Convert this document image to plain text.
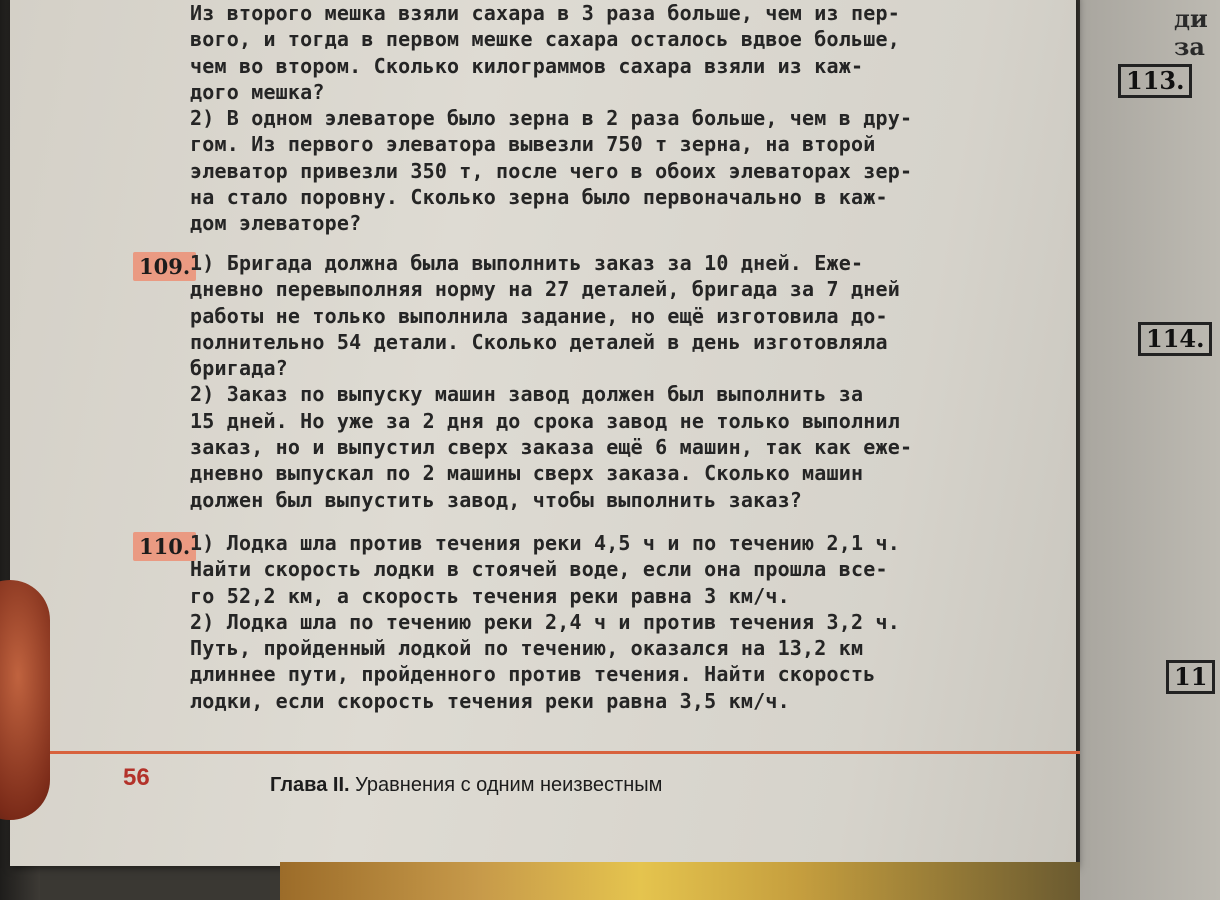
ди
за
113.
114.
11
Из второго мешка взяли сахара в 3 раза больше, чем из пер-
вого, и тогда в первом мешке сахара осталось вдвое больше,
чем во втором. Сколько килограммов сахара взяли из каж-
дого мешка?
2) В одном элеваторе было зерна в 2 раза больше, чем в дру-
гом. Из первого элеватора вывезли 750 т зерна, на второй
элеватор привезли 350 т, после чего в обоих элеваторах зер-
на стало поровну. Сколько зерна было первоначально в каж-
дом элеваторе?
109. 1) Бригада должна была выполнить заказ за 10 дней. Еже-
дневно перевыполняя норму на 27 деталей, бригада за 7 дней
работы не только выполнила задание, но ещё изготовила до-
полнительно 54 детали. Сколько деталей в день изготовляла
бригада?
2) Заказ по выпуску машин завод должен был выполнить за
15 дней. Но уже за 2 дня до срока завод не только выполнил
заказ, но и выпустил сверх заказа ещё 6 машин, так как еже-
дневно выпускал по 2 машины сверх заказа. Сколько машин
должен был выпустить завод, чтобы выполнить заказ?
110. 1) Лодка шла против течения реки 4,5 ч и по течению 2,1 ч.
Найти скорость лодки в стоячей воде, если она прошла все-
го 52,2 км, а скорость течения реки равна 3 км/ч.
2) Лодка шла по течению реки 2,4 ч и против течения 3,2 ч.
Путь, пройденный лодкой по течению, оказался на 13,2 км
длиннее пути, пройденного против течения. Найти скорость
лодки, если скорость течения реки равна 3,5 км/ч.
56	Глава II. Уравнения с одним неизвестным
